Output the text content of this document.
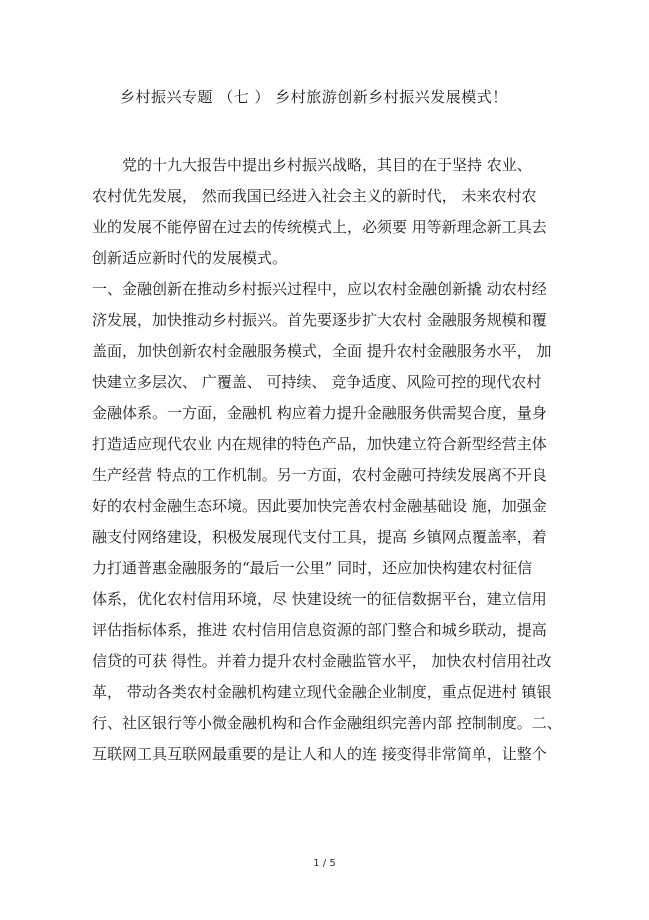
乡村振兴专题 （七 ） 乡村旅游创新乡村振兴发展模式！
　　党的十九大报告中提出乡村振兴战略，其目的在于坚持 农业、
农村优先发展， 然而我国已经进入社会主义的新时代， 未来农村农
业的发展不能停留在过去的传统模式上，必须要 用等新理念新工具去
创新适应新时代的发展模式。
一、金融创新在推动乡村振兴过程中，应以农村金融创新撬 动农村经
济发展，加快推动乡村振兴。首先要逐步扩大农村 金融服务规模和覆
盖面，加快创新农村金融服务模式，全面 提升农村金融服务水平， 加
快建立多层次、 广覆盖、 可持续、 竞争适度、风险可控的现代农村
金融体系。一方面，金融机 构应着力提升金融服务供需契合度，量身
打造适应现代农业 内在规律的特色产品，加快建立符合新型经营主体
生产经营 特点的工作机制。另一方面，农村金融可持续发展离不开良
好的农村金融生态环境。因此要加快完善农村金融基础设 施，加强金
融支付网络建设，积极发展现代支付工具，提高 乡镇网点覆盖率，着
力打通普惠金融服务的“最后一公里” 同时，还应加快构建农村征信
体系，优化农村信用环境，尽 快建设统一的征信数据平台，建立信用
评估指标体系，推进 农村信用信息资源的部门整合和城乡联动，提高
信贷的可获 得性。并着力提升农村金融监管水平， 加快农村信用社改
革， 带动各类农村金融机构建立现代金融企业制度，重点促进村 镇银
行、社区银行等小微金融机构和合作金融组织完善内部 控制制度。二、
互联网工具互联网最重要的是让人和人的连 接变得非常简单，让整个
1 / 5
